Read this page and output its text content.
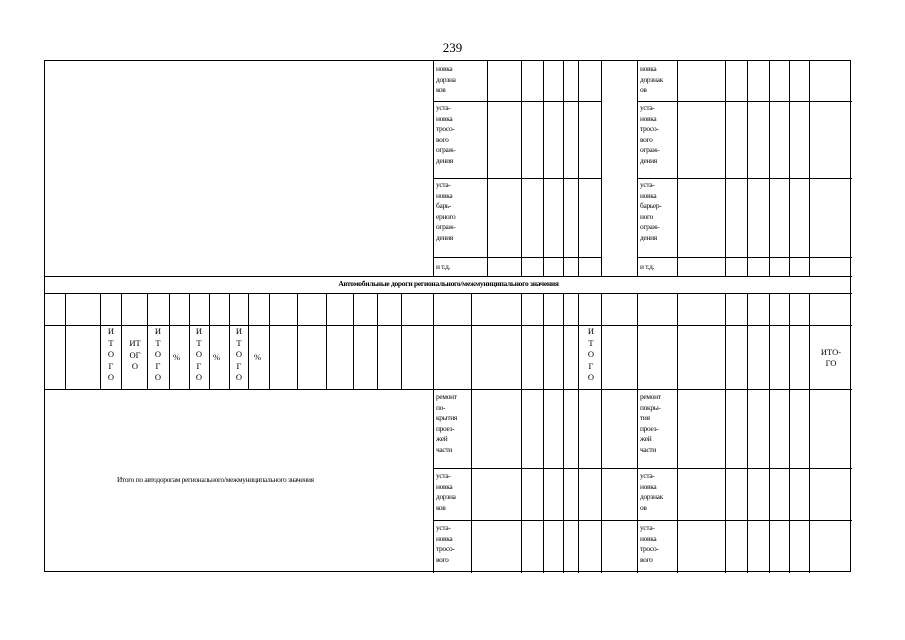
239
новка
дорзна
ков
уста-
новка
тросо-
вого
ограж-
дения
уста-
новка
барь-
ерного
ограж-
дения
и т.д.
новка
дорзнак
ов
уста-
новка
тросо-
вого
ограж-
дения
уста-
новка
барьер-
ного
ограж-
дения
и т.д.
Автомобильные дороги регионального/межмуниципального значения
И
Т
О
Г
О
ИТ
ОГ
О
И
Т
О
Г
О
%
И
Т
О
Г
О
%
И
Т
О
Г
О
%
И
Т
О
Г
О
ИТО-
ГО
Итого по автодорогам регионального/межмуниципального значения
ремонт
по-
крытия
проез-
жей
части
уста-
новка
дорзна
ков
уста-
новка
тросо-
вого
ремонт
покры-
тия
проез-
жей
части
уста-
новка
дорзнак
ов
уста-
новка
тросо-
вого
